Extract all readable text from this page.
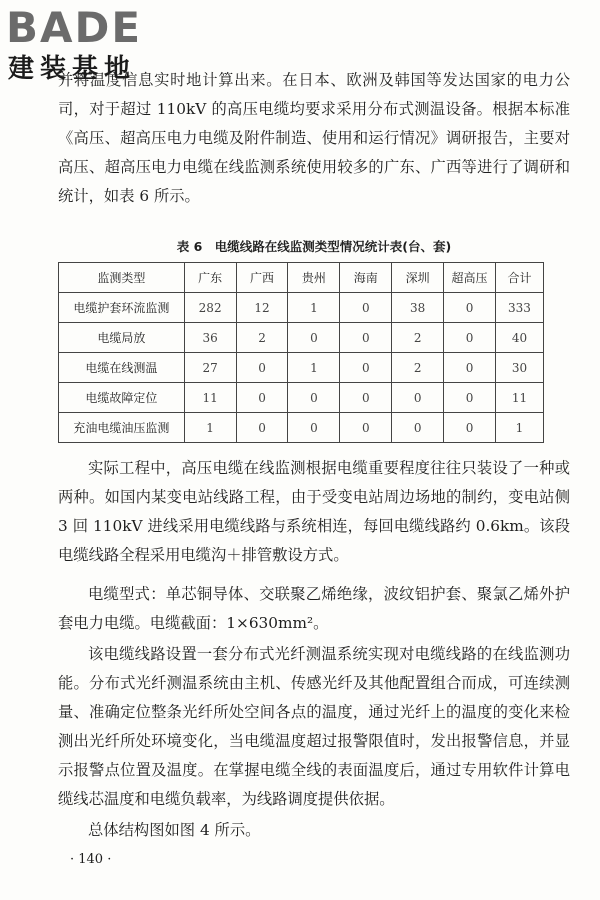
BADE
建装基地

并将温度信息实时地计算出来。在日本、欧洲及韩国等发达国家的电力公司，对于超过 110kV 的高压电缆均要求采用分布式测温设备。根据本标准《高压、超高压电力电缆及附件制造、使用和运行情况》调研报告，主要对高压、超高压电力电缆在线监测系统使用较多的广东、广西等进行了调研和统计，如表 6 所示。

表 6　电缆线路在线监测类型情况统计表(台、套)
监测类型	广东	广西	贵州	海南	深圳	超高压	合计
电缆护套环流监测	282	12	1	0	38	0	333
电缆局放	36	2	0	0	2	0	40
电缆在线测温	27	0	1	0	2	0	30
电缆故障定位	11	0	0	0	0	0	11
充油电缆油压监测	1	0	0	0	0	0	1

实际工程中，高压电缆在线监测根据电缆重要程度往往只装设了一种或两种。如国内某变电站线路工程，由于受变电站周边场地的制约，变电站侧 3 回 110kV 进线采用电缆线路与系统相连，每回电缆线路约 0.6km。该段电缆线路全程采用电缆沟＋排管敷设方式。

电缆型式：单芯铜导体、交联聚乙烯绝缘，波纹铝护套、聚氯乙烯外护套电力电缆。电缆截面：1×630mm²。

该电缆线路设置一套分布式光纤测温系统实现对电缆线路的在线监测功能。分布式光纤测温系统由主机、传感光纤及其他配置组合而成，可连续测量、准确定位整条光纤所处空间各点的温度，通过光纤上的温度的变化来检测出光纤所处环境变化，当电缆温度超过报警限值时，发出报警信息，并显示报警点位置及温度。在掌握电缆全线的表面温度后，通过专用软件计算电缆线芯温度和电缆负载率，为线路调度提供依据。

总体结构图如图 4 所示。

· 140 ·
